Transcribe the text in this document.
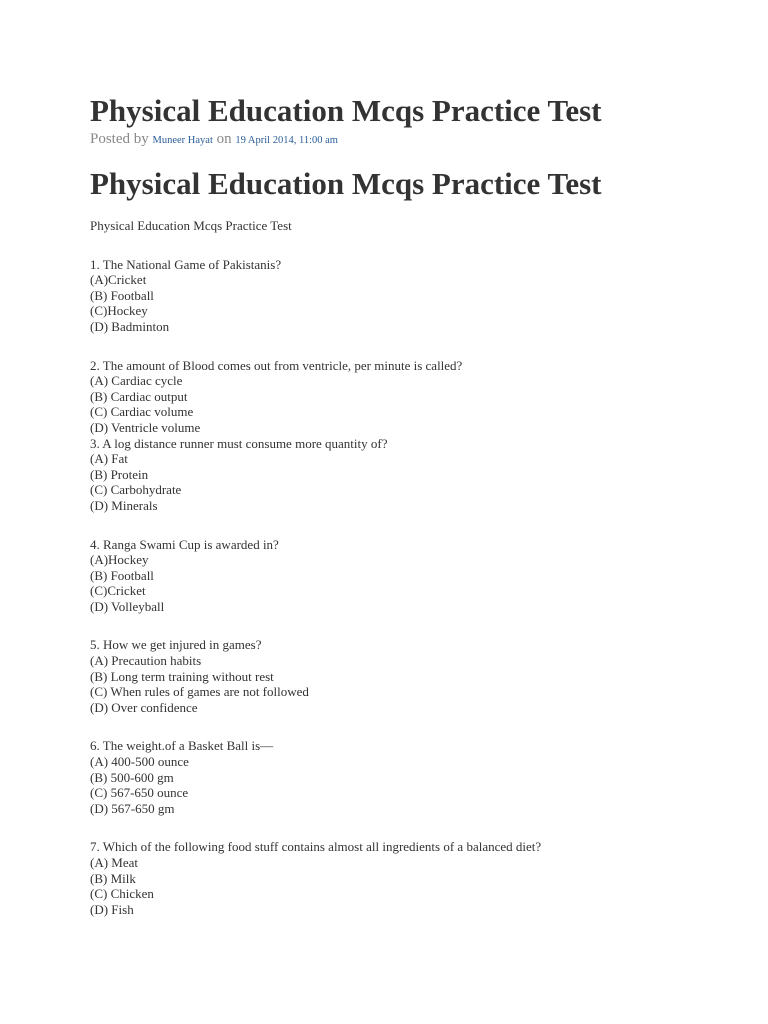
Physical Education Mcqs Practice Test
Posted by Muneer Hayat on 19 April 2014, 11:00 am
Physical Education Mcqs Practice Test

Physical Education Mcqs Practice Test

1. The National Game of Pakistanis?
(A)Cricket
(B) Football
(C)Hockey
(D) Badminton
2. The amount of Blood comes out from ventricle, per minute is called?
(A) Cardiac cycle
(B) Cardiac output
(C) Cardiac volume
(D) Ventricle volume
3. A log distance runner must consume more quantity of?
(A) Fat
(B) Protein
(C) Carbohydrate
(D) Minerals
4. Ranga Swami Cup is awarded in?
(A)Hockey
(B) Football
(C)Cricket
(D) Volleyball
5. How we get injured in games?
(A) Precaution habits
(B) Long term training without rest
(C) When rules of games are not followed
(D) Over confidence
6. The weight.of a Basket Ball is—
(A) 400-500 ounce
(B) 500-600 gm
(C) 567-650 ounce
(D) 567-650 gm
7. Which of the following food stuff contains almost all ingredients of a balanced diet?
(A) Meat
(B) Milk
(C) Chicken
(D) Fish
